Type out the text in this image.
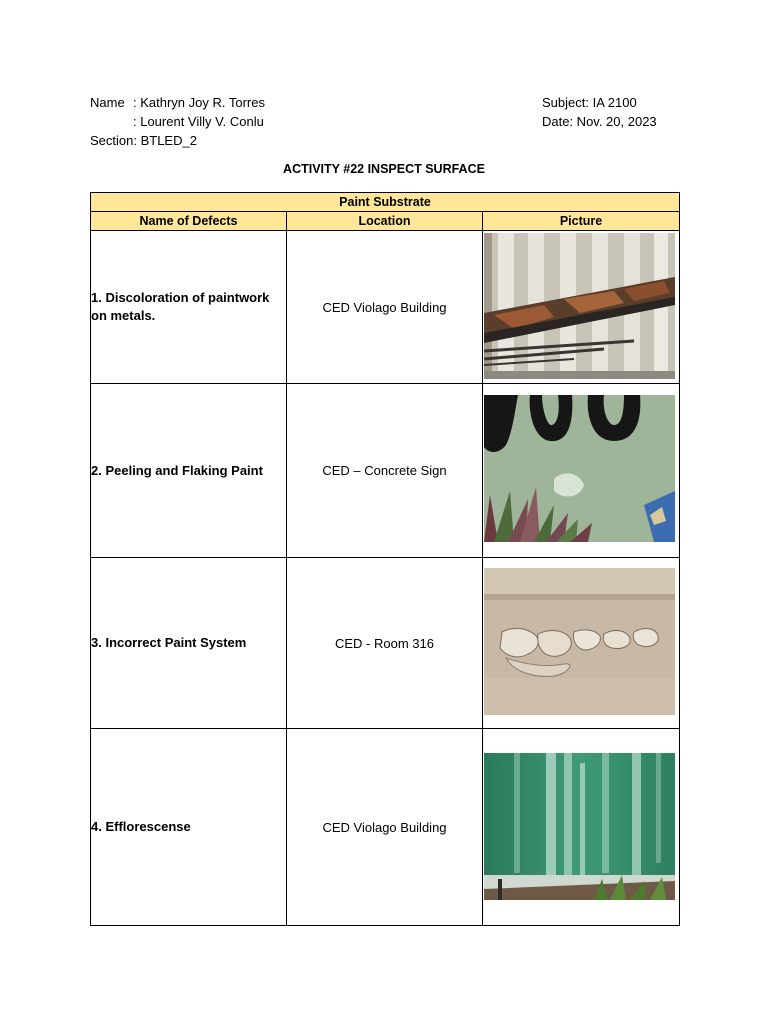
Name : Kathryn Joy R. Torres
: Lourent Villy V. Conlu
Section: BTLED_2
Subject: IA 2100
Date: Nov. 20, 2023
ACTIVITY #22 INSPECT SURFACE
Paint Substrate		
Name of Defects	Location	Picture
1. Discoloration of paintwork on metals.	CED Violago Building	

2. Peeling and Flaking Paint	CED – Concrete Sign	

3. Incorrect Paint System	CED - Room 316	

4. Efflorescense	CED Violago Building	
